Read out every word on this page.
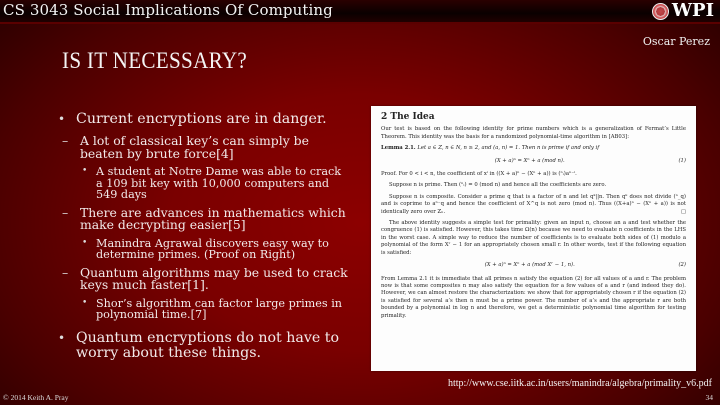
CS 3043 Social Implications Of Computing	WPI
Oscar Perez
IS IT NECESSARY?
• Current encryptions are in danger.
– A lot of classical key’s can simply be beaten by brute force[4]
• A student at Notre Dame was able to crack a 109 bit key with 10,000 computers and 549 days
– There are advances in mathematics which make decrypting easier[5]
• Manindra Agrawal discovers easy way to determine primes. (Proof on Right)
– Quantum algorithms may be used to crack keys much faster[1].
• Shor’s algorithm can factor large primes in polynomial time.[7]
• Quantum encryptions do not have to worry about these things.
2 The Idea

Our test is based on the following identity for prime numbers which is a generalization of Fermat’s Little Theorem. This identity was the basis for a randomized polynomial-time algorithm in [AB03]:

Lemma 2.1. Let a ∈ Z, n ∈ N, n ≥ 2, and (a, n) = 1. Then n is prime if and only if

(X + a)ⁿ = Xⁿ + a (mod n).	(1)

Proof. For 0 < i < n, the coefficient of xⁱ in ((X + a)ⁿ − (Xⁿ + a)) is (ⁿᵢ)aⁿ⁻ⁱ.

Suppose n is prime. Then (ⁿᵢ) = 0 (mod n) and hence all the coefficients are zero.

Suppose n is composite. Consider a prime q that is a factor of n and let qᵏ||n. Then qᵏ does not divide (ⁿ_q) and is coprime to aⁿ⁻q and hence the coefficient of X^q is not zero (mod n). Thus ((X+a)ⁿ − (Xⁿ + a)) is not identically zero over Zₙ.	□

The above identity suggests a simple test for primality: given an input n, choose an a and test whether the congruence (1) is satisfied. However, this takes time Ω(n) because we need to evaluate n coefficients in the LHS in the worst case. A simple way to reduce the number of coefficients is to evaluate both sides of (1) modulo a polynomial of the form Xʳ − 1 for an appropriately chosen small r. In other words, test if the following equation is satisfied:

(X + a)ⁿ = Xⁿ + a (mod Xʳ − 1, n).	(2)

From Lemma 2.1 it is immediate that all primes n satisfy the equation (2) for all values of a and r. The problem now is that some composites n may also satisfy the equation for a few values of a and r (and indeed they do). However, we can almost restore the characterization: we show that for appropriately chosen r if the equation (2) is satisfied for several a’s then n must be a prime power. The number of a’s and the appropriate r are both bounded by a polynomial in log n and therefore, we get a deterministic polynomial time algorithm for testing primality.

http://www.cse.iitk.ac.in/users/manindra/algebra/primality_v6.pdf
© 2014 Keith A. Pray	34
